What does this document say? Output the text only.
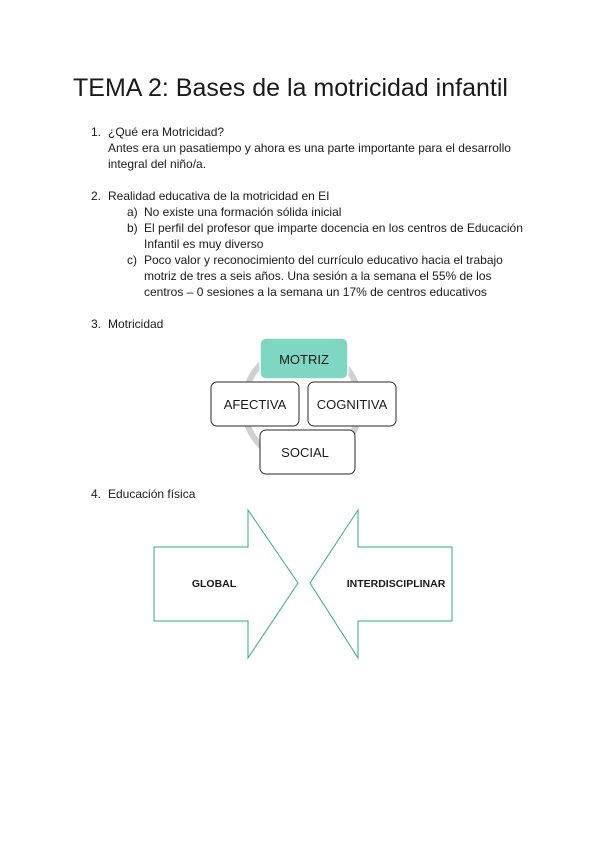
TEMA 2: Bases de la motricidad infantil
1. ¿Qué era Motricidad?
Antes era un pasatiempo y ahora es una parte importante para el desarrollo integral del niño/a.
2. Realidad educativa de la motricidad en EI
a) No existe una formación sólida inicial
b) El perfil del profesor que imparte docencia en los centros de Educación Infantil es muy diverso
c) Poco valor y reconocimiento del currículo educativo hacia el trabajo motriz de tres a seis años. Una sesión a la semana el 55% de los centros – 0 sesiones a la semana un 17% de centros educativos
3. Motricidad
MOTRIZ
COGNITIVA
AFECTIVA
SOCIAL
4. Educación física
GLOBAL	INTERDISCIPLINAR
